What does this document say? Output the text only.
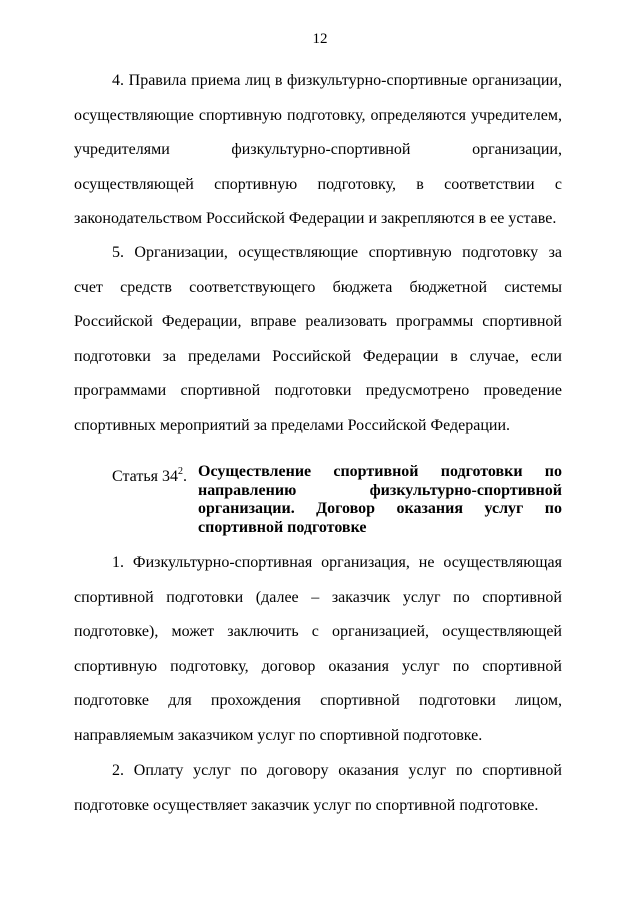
12

4. Правила приема лиц в физкультурно-спортивные организации, осуществляющие спортивную подготовку, определяются учредителем, учредителями физкультурно-спортивной организации, осуществляющей спортивную подготовку, в соответствии с законодательством Российской Федерации и закрепляются в ее уставе.

5. Организации, осуществляющие спортивную подготовку за счет средств соответствующего бюджета бюджетной системы Российской Федерации, вправе реализовать программы спортивной подготовки за пределами Российской Федерации в случае, если программами спортивной подготовки предусмотрено проведение спортивных мероприятий за пределами Российской Федерации.

Статья $34^2$. Осуществление спортивной подготовки по направлению физкультурно-спортивной организации. Договор оказания услуг по спортивной подготовке

1. Физкультурно-спортивная организация, не осуществляющая спортивной подготовки (далее – заказчик услуг по спортивной подготовке), может заключить с организацией, осуществляющей спортивную подготовку, договор оказания услуг по спортивной подготовке для прохождения спортивной подготовки лицом, направляемым заказчиком услуг по спортивной подготовке.

2. Оплату услуг по договору оказания услуг по спортивной подготовке осуществляет заказчик услуг по спортивной подготовке.
